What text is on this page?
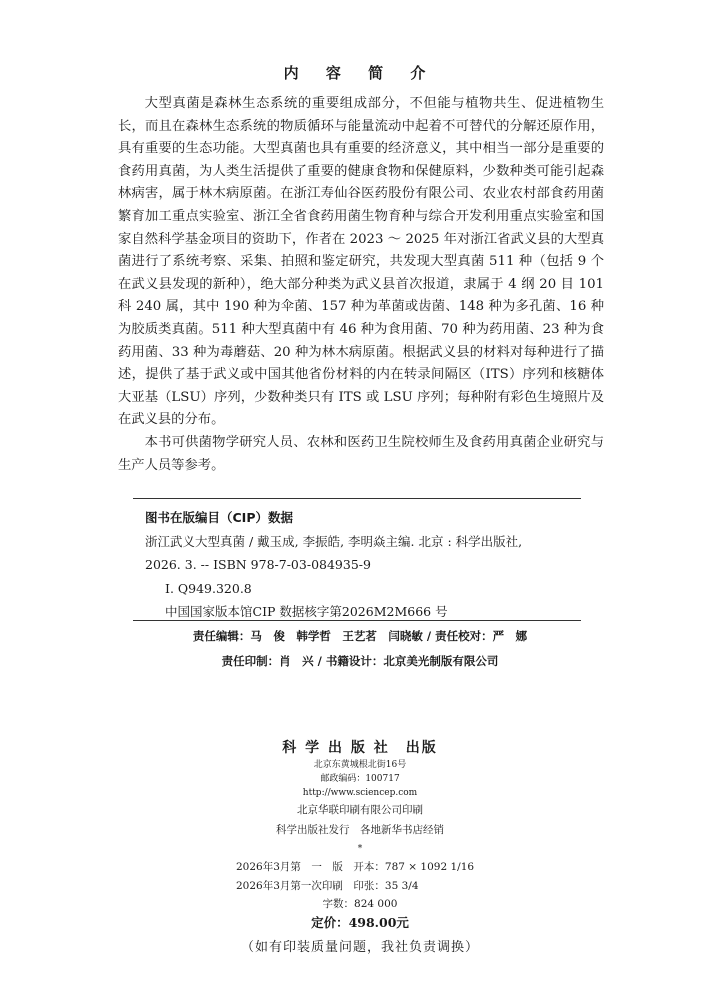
内 容 简 介

大型真菌是森林生态系统的重要组成部分，不但能与植物共生、促进植物生长，而且在森林生态系统的物质循环与能量流动中起着不可替代的分解还原作用，具有重要的生态功能。大型真菌也具有重要的经济意义，其中相当一部分是重要的食药用真菌，为人类生活提供了重要的健康食物和保健原料，少数种类可能引起森林病害，属于林木病原菌。在浙江寿仙谷医药股份有限公司、农业农村部食药用菌繁育加工重点实验室、浙江全省食药用菌生物育种与综合开发利用重点实验室和国家自然科学基金项目的资助下，作者在 2023 ～ 2025 年对浙江省武义县的大型真菌进行了系统考察、采集、拍照和鉴定研究，共发现大型真菌 511 种（包括 9 个在武义县发现的新种），绝大部分种类为武义县首次报道，隶属于 4 纲 20 目 101 科 240 属，其中 190 种为伞菌、157 种为革菌或齿菌、148 种为多孔菌、16 种为胶质类真菌。511 种大型真菌中有 46 种为食用菌、70 种为药用菌、23 种为食药用菌、33 种为毒蘑菇、20 种为林木病原菌。根据武义县的材料对每种进行了描述，提供了基于武义或中国其他省份材料的内在转录间隔区（ITS）序列和核糖体大亚基（LSU）序列，少数种类只有 ITS 或 LSU 序列；每种附有彩色生境照片及在武义县的分布。

本书可供菌物学研究人员、农林和医药卫生院校师生及食药用真菌企业研究与生产人员等参考。

图书在版编目（CIP）数据
浙江武义大型真菌 / 戴玉成, 李振皓, 李明焱主编. 北京 : 科学出版社,
2026. 3. -- ISBN 978-7-03-084935-9
Ⅰ. Q949.320.8
中国国家版本馆CIP 数据核字第2026M2M666 号
责任编辑：马　俊　韩学哲　王艺茗　闫晓敏 / 责任校对：严　娜
责任印制：肖　兴 / 书籍设计：北京美光制版有限公司
科 学 出 版 社　出版
北京东黄城根北街16号
邮政编码：100717
http://www.sciencep.com
北京华联印刷有限公司印刷
科学出版社发行　各地新华书店经销
*
2026年3月第　一　版　开本：787 × 1092 1/16
2026年3月第一次印刷　印张：35 3/4
字数：824 000
定价：498.00元
（如有印装质量问题，我社负责调换）
